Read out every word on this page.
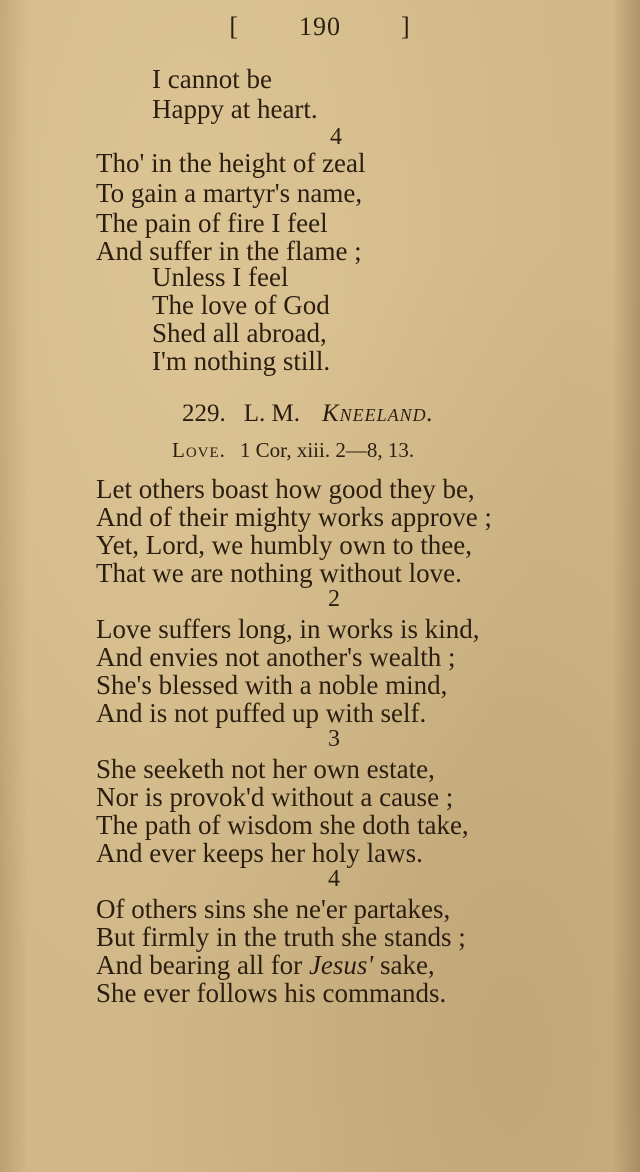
[ 190 ]
I cannot be
Happy at heart.
4
Tho' in the height of zeal
To gain a martyr's name,
The pain of fire I feel
And suffer in the flame ;
Unless I feel
The love of God
Shed all abroad,
I'm nothing still.
229. L. M. Kneeland.
Love. 1 Cor, xiii. 2—8, 13.
Let others boast how good they be,
And of their mighty works approve ;
Yet, Lord, we humbly own to thee,
That we are nothing without love.
2
Love suffers long, in works is kind,
And envies not another's wealth ;
She's blessed with a noble mind,
And is not puffed up with self.
3
She seeketh not her own estate,
Nor is provok'd without a cause ;
The path of wisdom she doth take,
And ever keeps her holy laws.
4
Of others sins she ne'er partakes,
But firmly in the truth she stands ;
And bearing all for Jesus' sake,
She ever follows his commands.
